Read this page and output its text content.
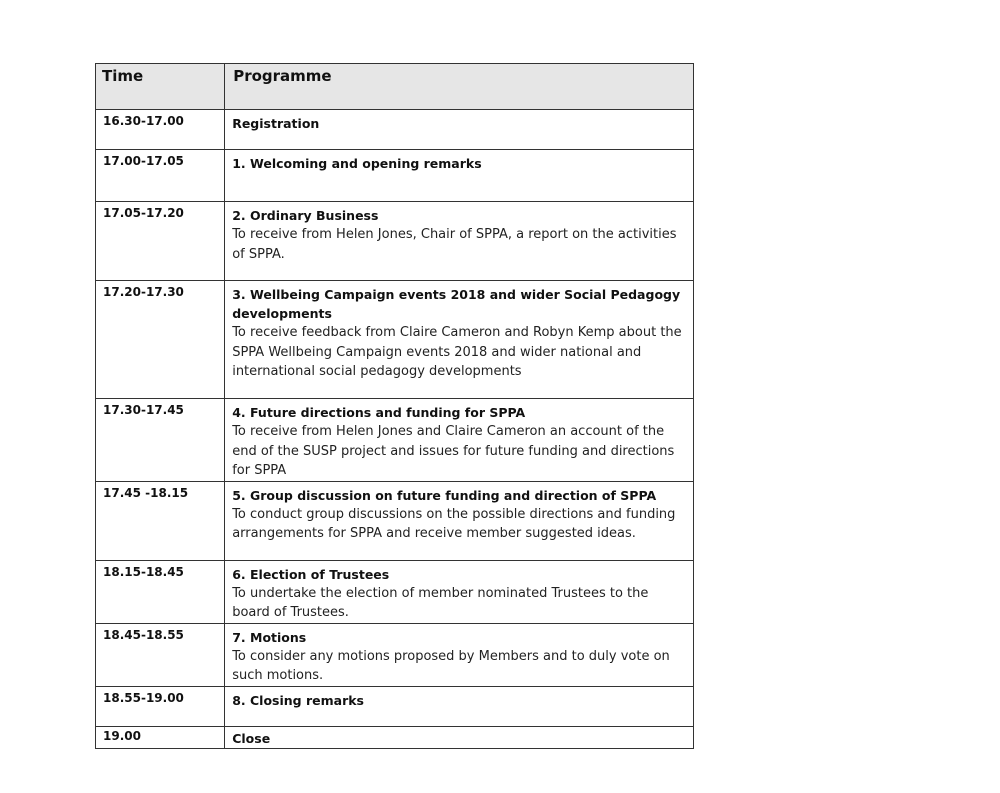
Time	Programme
16.30-17.00	Registration

17.00-17.05	1. Welcoming and opening remarks

17.05-17.20	2. Ordinary Business
To receive from Helen Jones, Chair of SPPA, a report on the activities of SPPA.

17.20-17.30	3. Wellbeing Campaign events 2018 and wider Social Pedagogy developments
To receive feedback from Claire Cameron and Robyn Kemp about the SPPA Wellbeing Campaign events 2018 and wider national and international social pedagogy developments

17.30-17.45	4. Future directions and funding for SPPA
To receive from Helen Jones and Claire Cameron an account of the end of the SUSP project and issues for future funding and directions for SPPA

17.45 -18.15	5. Group discussion on future funding and direction of SPPA
To conduct group discussions on the possible directions and funding arrangements for SPPA and receive member suggested ideas.

18.15-18.45	6. Election of Trustees
To undertake the election of member nominated Trustees to the board of Trustees.

18.45-18.55	7. Motions
To consider any motions proposed by Members and to duly vote on such motions.

18.55-19.00	8. Closing remarks

19.00	Close
